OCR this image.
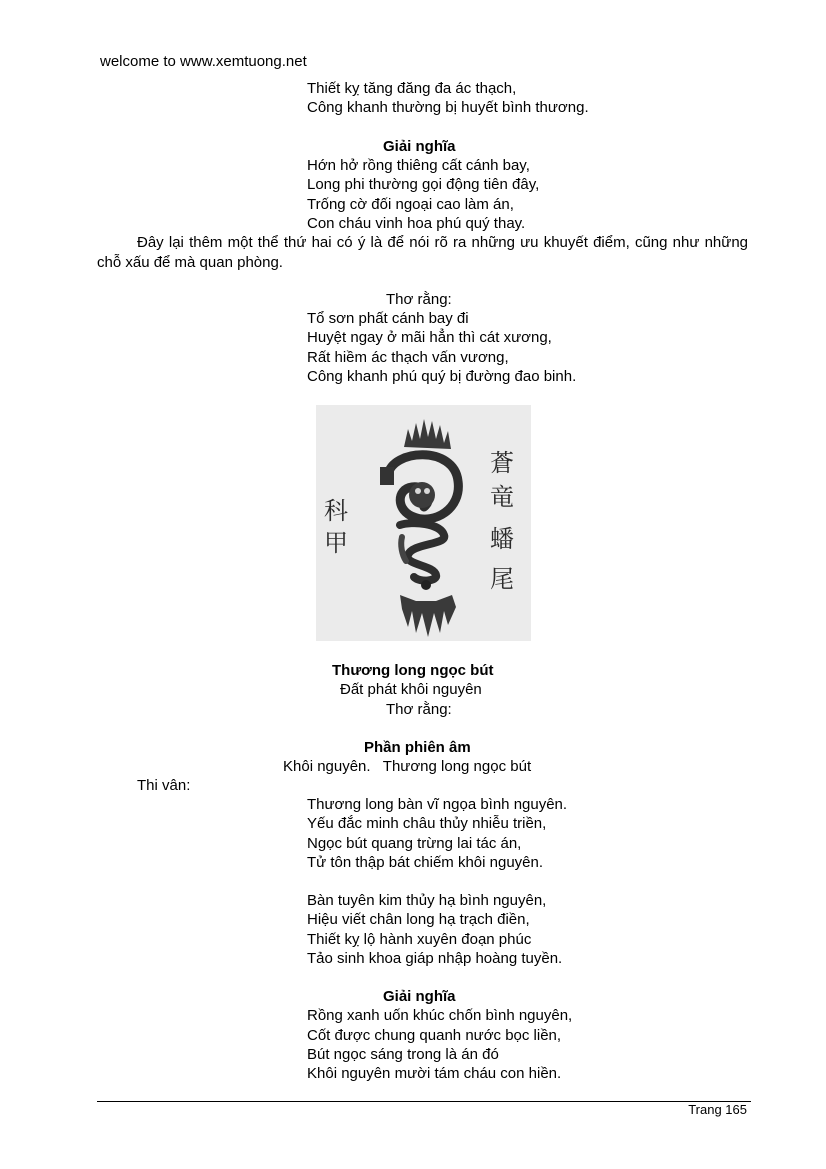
welcome to www.xemtuong.net
Thiết kỵ tăng đăng đa ác thạch,
Công khanh thường bị huyết bình thương.
Giải nghĩa
Hớn hở rồng thiêng cất cánh bay,
Long phi thường gọi động tiên đây,
Trống cờ đối ngoại cao làm án,
Con cháu vinh hoa phú quý thay.
Đây lại thêm một thể thứ hai có ý là để nói rõ ra những ưu khuyết điểm, cũng như những chỗ xấu để mà quan phòng.
Thơ rằng:
Tổ sơn phất cánh bay đi
Huyệt ngay ở mãi hẳn thì cát xương,
Rất hiềm ác thạch vấn vương,
Công khanh phú quý bị đường đao binh.
蒼
竜
蟠
尾
科
甲
Thương long ngọc bút
Đất phát khôi nguyên
Thơ rằng:
Phần phiên âm
Khôi nguyên.   Thương long ngọc bút
Thi vân:
Thương long bàn vĩ ngọa bình nguyên.
Yếu đắc minh châu thủy nhiễu triền,
Ngọc bút quang trừng lai tác án,
Tử tôn thập bát chiếm khôi nguyên.
Bàn tuyên kim thủy hạ bình nguyên,
Hiệu viết chân long hạ trạch điền,
Thiết kỵ lộ hành xuyên đoạn phúc
Tảo sinh khoa giáp nhập hoàng tuyền.
Giải nghĩa
Rồng xanh uốn khúc chốn bình nguyên,
Cốt được chung quanh nước bọc liền,
Bút ngọc sáng trong là án đó
Khôi nguyên mười tám cháu con hiền.
Trang 165
